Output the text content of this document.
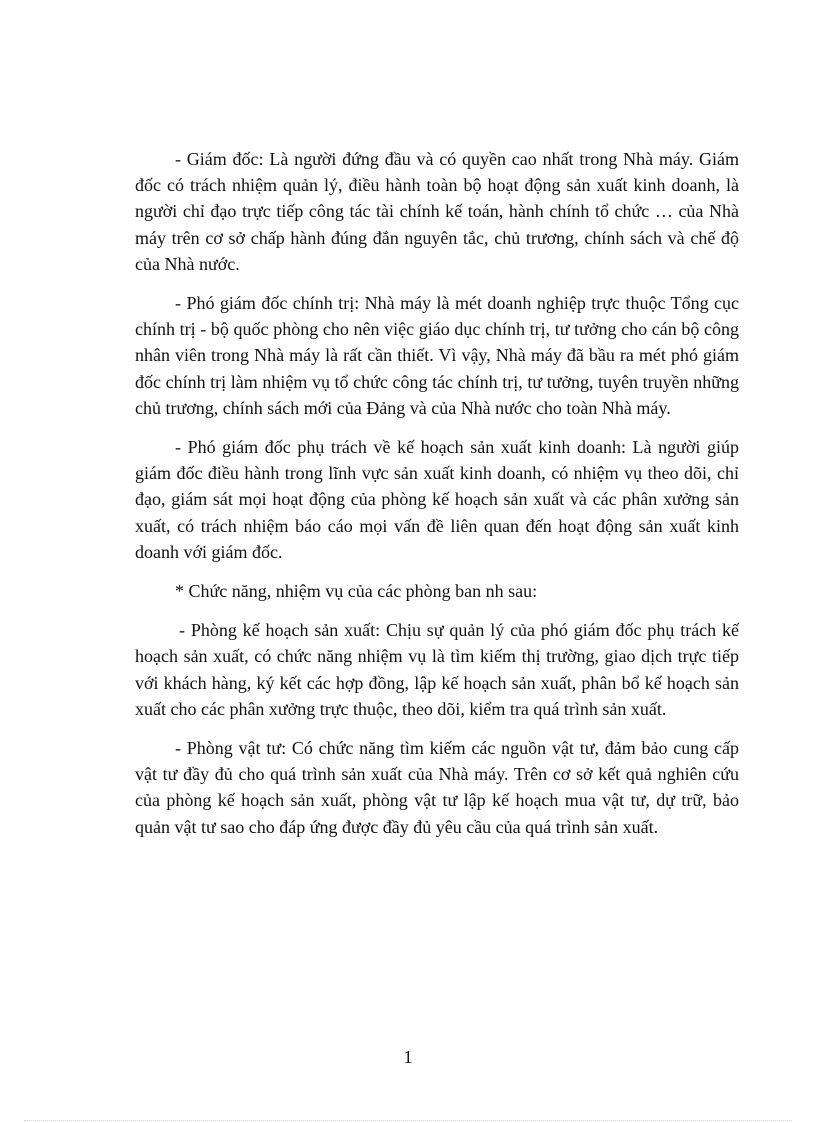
- Giám đốc: Là người đứng đầu và có quyền cao nhất trong Nhà máy. Giám đốc có trách nhiệm quản lý, điều hành toàn bộ hoạt động sản xuất kinh doanh, là người chỉ đạo trực tiếp công tác tài chính kế toán, hành chính tổ chức … của Nhà máy trên cơ sở chấp hành đúng đắn nguyên tắc, chủ trương, chính sách và chế độ của Nhà nước.

- Phó giám đốc chính trị: Nhà máy là mét doanh nghiệp trực thuộc Tổng cục chính trị - bộ quốc phòng cho nên việc giáo dục chính trị, tư tưởng cho cán bộ công nhân viên trong Nhà máy là rất cần thiết. Vì vậy, Nhà máy đã bầu ra mét phó giám đốc chính trị làm nhiệm vụ tổ chức công tác chính trị, tư tưởng, tuyên truyền những chủ trương, chính sách mới của Đảng và của Nhà nước cho toàn Nhà máy.

- Phó giám đốc phụ trách về kế hoạch sản xuất kinh doanh: Là người giúp giám đốc điều hành trong lĩnh vực sản xuất kinh doanh, có nhiệm vụ theo dõi, chỉ đạo, giám sát mọi hoạt động của phòng kế hoạch sản xuất và các phân xưởng sản xuất, có trách nhiệm báo cáo mọi vấn đề liên quan đến hoạt động sản xuất kinh doanh với giám đốc.

* Chức năng, nhiệm vụ của các phòng ban nh sau:

- Phòng kế hoạch sản xuất: Chịu sự quản lý của phó giám đốc phụ trách kế hoạch sản xuất, có chức năng nhiệm vụ là tìm kiếm thị trường, giao dịch trực tiếp với khách hàng, ký kết các hợp đồng, lập kế hoạch sản xuất, phân bổ kế hoạch sản xuất cho các phân xưởng trực thuộc, theo dõi, kiểm tra quá trình sản xuất.

- Phòng vật tư: Có chức năng tìm kiếm các nguồn vật tư, đảm bảo cung cấp vật tư đầy đủ cho quá trình sản xuất của Nhà máy. Trên cơ sở kết quả nghiên cứu của phòng kế hoạch sản xuất, phòng vật tư lập kế hoạch mua vật tư, dự trữ, bảo quản vật tư sao cho đáp ứng được đầy đủ yêu cầu của quá trình sản xuất.

1
